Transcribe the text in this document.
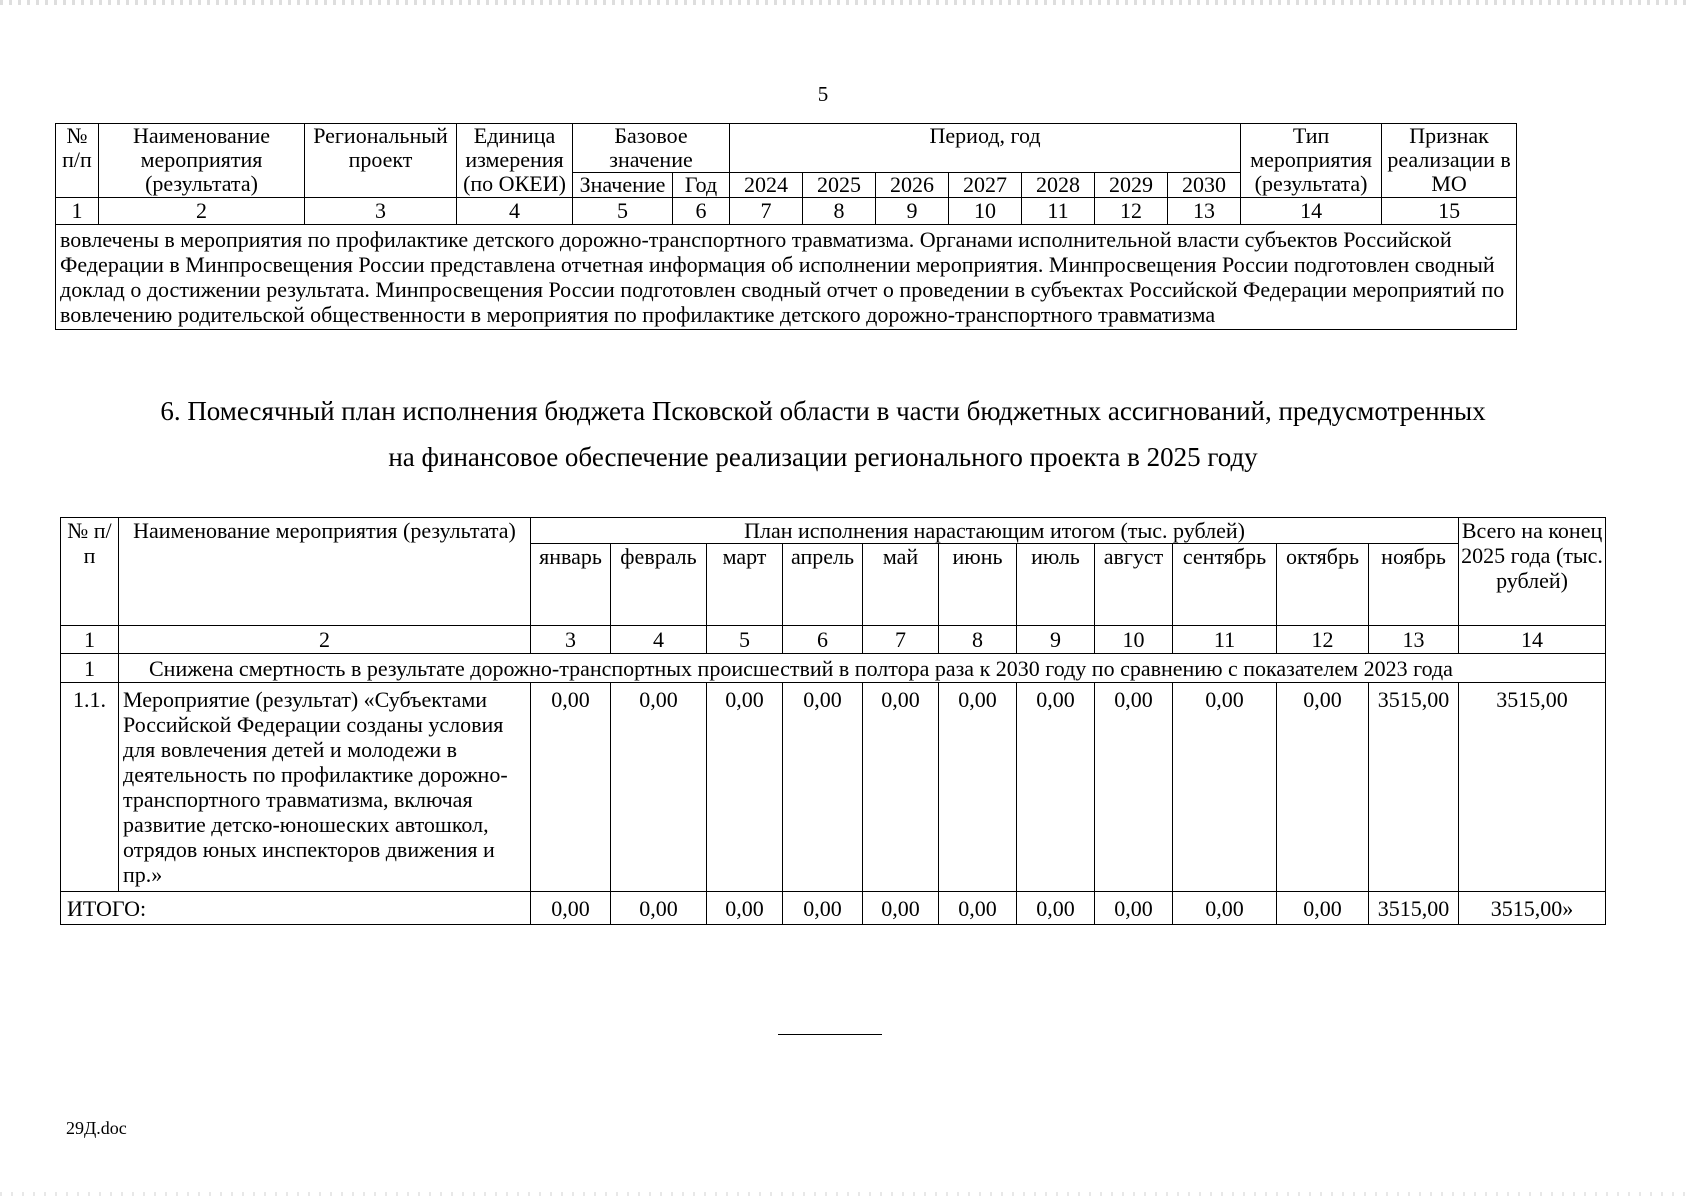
5
№ п/п	Наименование мероприятия (результата)	Региональный проект	Единица измерения (по ОКЕИ)	Базовое значение		Период, год							Тип мероприятия (результата)	Признак реализации в МО
				Значение	Год	2024	2025	2026	2027	2028	2029	2030		
1	2	3	4	5	6	7	8	9	10	11	12	13	14	15
вовлечены в мероприятия по профилактике детского дорожно-транспортного травматизма. Органами исполнительной власти субъектов Российской Федерации в Минпросвещения России представлена отчетная информация об исполнении мероприятия. Минпросвещения России подготовлен сводный доклад о достижении результата. Минпросвещения России подготовлен сводный отчет о проведении в субъектах Российской Федерации мероприятий по вовлечению родительской общественности в мероприятия по профилактике детского дорожно-транспортного травматизма														
6. Помесячный план исполнения бюджета Псковской области в части бюджетных ассигнований, предусмотренных
на финансовое обеспечение реализации регионального проекта в 2025 году
№ п/п	Наименование мероприятия (результата)	План исполнения нарастающим итогом (тыс. рублей)											Всего на конец 2025 года (тыс. рублей)
		январь	февраль	март	апрель	май	июнь	июль	август	сентябрь	октябрь	ноябрь	
1	2	3	4	5	6	7	8	9	10	11	12	13	14
1	Снижена смертность в результате дорожно-транспортных происшествий в полтора раза к 2030 году по сравнению с показателем 2023 года												
1.1.	Мероприятие (результат) «Субъектами Российской Федерации созданы условия для вовлечения детей и молодежи в деятельность по профилактике дорожно-транспортного травматизма, включая развитие детско-юношеских автошкол, отрядов юных инспекторов движения и пр.»	0,00	0,00	0,00	0,00	0,00	0,00	0,00	0,00	0,00	0,00	3515,00	3515,00
ИТОГО:		0,00	0,00	0,00	0,00	0,00	0,00	0,00	0,00	0,00	0,00	3515,00	3515,00»
29Д.doc
